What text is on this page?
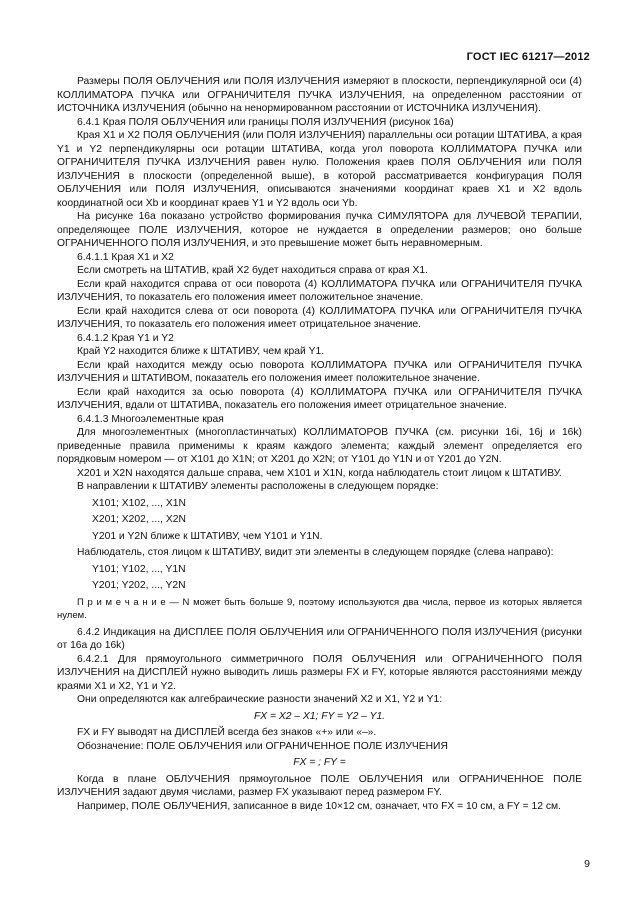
ГОСТ IEC 61217—2012

Размеры ПОЛЯ ОБЛУЧЕНИЯ или ПОЛЯ ИЗЛУЧЕНИЯ измеряют в плоскости, перпендикулярной оси (4) КОЛЛИМАТОРА ПУЧКА или ОГРАНИЧИТЕЛЯ ПУЧКА ИЗЛУЧЕНИЯ, на определенном расстоянии от ИСТОЧНИКА ИЗЛУЧЕНИЯ (обычно на ненормированном расстоянии от ИСТОЧНИКА ИЗЛУЧЕНИЯ).

6.4.1 Края ПОЛЯ ОБЛУЧЕНИЯ или границы ПОЛЯ ИЗЛУЧЕНИЯ (рисунок 16а)

Края X1 и X2 ПОЛЯ ОБЛУЧЕНИЯ (или ПОЛЯ ИЗЛУЧЕНИЯ) параллельны оси ротации ШТАТИВА, а края Y1 и Y2 перпендикулярны оси ротации ШТАТИВА, когда угол поворота КОЛЛИМАТОРА ПУЧКА или ОГРАНИЧИТЕЛЯ ПУЧКА ИЗЛУЧЕНИЯ равен нулю. Положения краев ПОЛЯ ОБЛУЧЕНИЯ или ПОЛЯ ИЗЛУЧЕНИЯ в плоскости (определенной выше), в которой рассматривается конфигурация ПОЛЯ ОБЛУЧЕНИЯ или ПОЛЯ ИЗЛУЧЕНИЯ, описываются значениями координат краев X1 и X2 вдоль координатной оси Xb и координат краев Y1 и Y2 вдоль оси Yb.

На рисунке 16а показано устройство формирования пучка СИМУЛЯТОРА для ЛУЧЕВОЙ ТЕРАПИИ, определяющее ПОЛЕ ИЗЛУЧЕНИЯ, которое не нуждается в определении размеров; оно больше ОГРАНИЧЕННОГО ПОЛЯ ИЗЛУЧЕНИЯ, и это превышение может быть неравномерным.

6.4.1.1 Края X1 и X2

Если смотреть на ШТАТИВ, край X2 будет находиться справа от края X1.

Если край находится справа от оси поворота (4) КОЛЛИМАТОРА ПУЧКА или ОГРАНИЧИТЕЛЯ ПУЧКА ИЗЛУЧЕНИЯ, то показатель его положения имеет положительное значение.

Если край находится слева от оси поворота (4) КОЛЛИМАТОРА ПУЧКА или ОГРАНИЧИТЕЛЯ ПУЧКА ИЗЛУЧЕНИЯ, то показатель его положения имеет отрицательное значение.

6.4.1.2 Края Y1 и Y2

Край Y2 находится ближе к ШТАТИВУ, чем край Y1.

Если край находится между осью поворота КОЛЛИМАТОРА ПУЧКА или ОГРАНИЧИТЕЛЯ ПУЧКА ИЗЛУЧЕНИЯ и ШТАТИВОМ, показатель его положения имеет положительное значение.

Если край находится за осью поворота (4) КОЛЛИМАТОРА ПУЧКА или ОГРАНИЧИТЕЛЯ ПУЧКА ИЗЛУЧЕНИЯ, вдали от ШТАТИВА, показатель его положения имеет отрицательное значение.

6.4.1.3 Многоэлементные края

Для многоэлементных (многопластинчатых) КОЛЛИМАТОРОВ ПУЧКА (см. рисунки 16i, 16j и 16k) приведенные правила применимы к краям каждого элемента; каждый элемент определяется его порядковым номером — от X101 до X1N; от X201 до X2N; от Y101 до Y1N и от Y201 до Y2N.

X201 и X2N находятся дальше справа, чем X101 и X1N, когда наблюдатель стоит лицом к ШТАТИВУ.

В направлении к ШТАТИВУ элементы расположены в следующем порядке:

X101; X102, ..., X1N

X201; X202, ..., X2N

Y201 и Y2N ближе к ШТАТИВУ, чем Y101 и Y1N.

Наблюдатель, стоя лицом к ШТАТИВУ, видит эти элементы в следующем порядке (слева направо):

Y101; Y102, ..., Y1N

Y201; Y202, ..., Y2N

П р и м е ч а н и е — N может быть больше 9, поэтому используются два числа, первое из которых является нулем.

6.4.2 Индикация на ДИСПЛЕЕ ПОЛЯ ОБЛУЧЕНИЯ или ОГРАНИЧЕННОГО ПОЛЯ ИЗЛУЧЕНИЯ (рисунки от 16а до 16k)

6.4.2.1 Для прямоугольного симметричного ПОЛЯ ОБЛУЧЕНИЯ или ОГРАНИЧЕННОГО ПОЛЯ ИЗЛУЧЕНИЯ на ДИСПЛЕЙ нужно выводить лишь размеры FX и FY, которые являются расстояниями между краями X1 и X2, Y1 и Y2.

Они определяются как алгебраические разности значений X2 и X1, Y2 и Y1:

FX = X2 – X1; FY = Y2 – Y1.

FX и FY выводят на ДИСПЛЕЙ всегда без знаков «+» или «–».

Обозначение: ПОЛЕ ОБЛУЧЕНИЯ или ОГРАНИЧЕННОЕ ПОЛЕ ИЗЛУЧЕНИЯ

FX = ; FY =

Когда в плане ОБЛУЧЕНИЯ прямоугольное ПОЛЕ ОБЛУЧЕНИЯ или ОГРАНИЧЕННОЕ ПОЛЕ ИЗЛУЧЕНИЯ задают двумя числами, размер FX указывают перед размером FY.

Например, ПОЛЕ ОБЛУЧЕНИЯ, записанное в виде 10×12 см, означает, что FX = 10 см, а FY = 12 см.

9
